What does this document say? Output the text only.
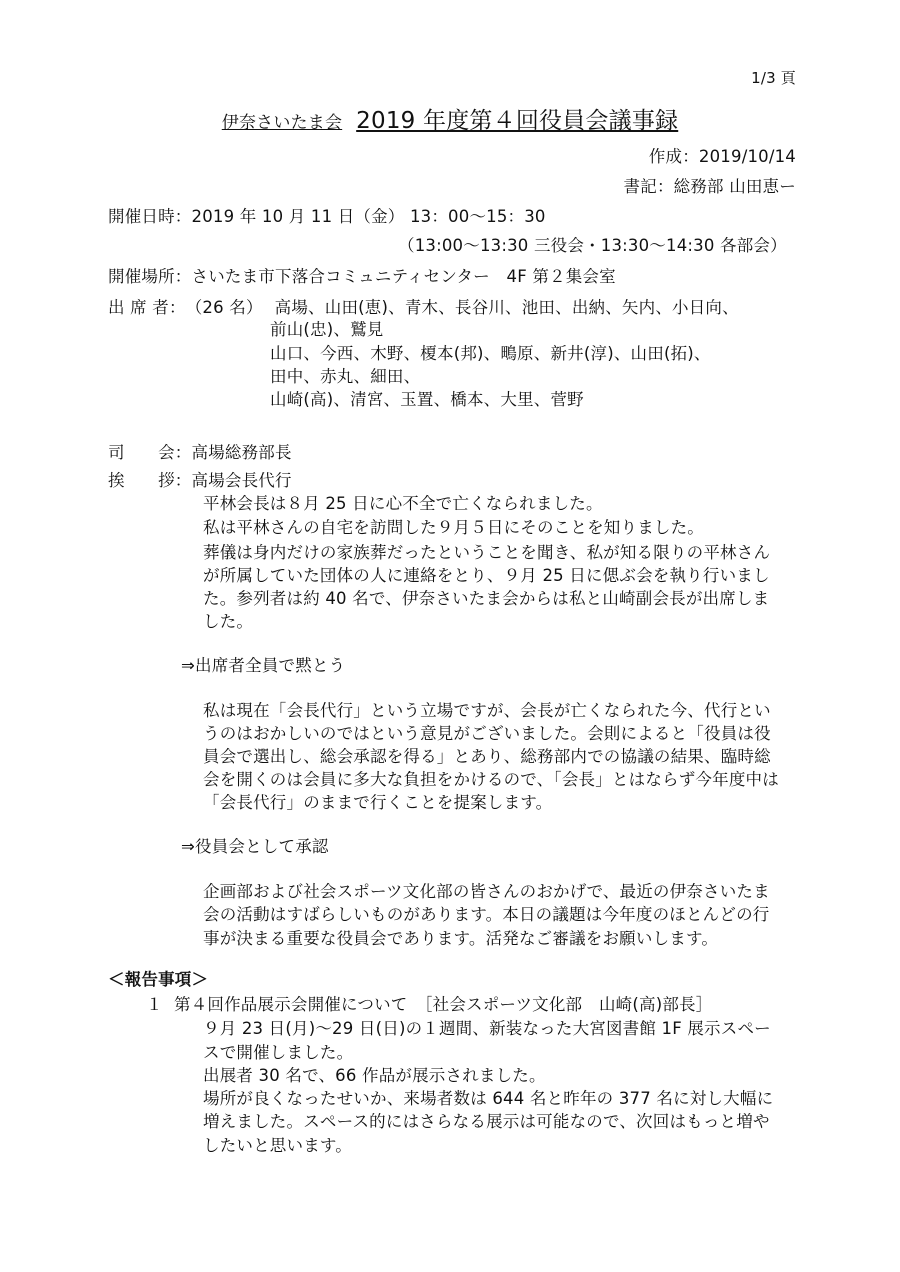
1/3 頁
伊奈さいたま会 2019 年度第４回役員会議事録
作成：2019/10/14
書記：総務部 山田恵ー
開催日時：2019 年 10 月 11 日（金） 13：00～15：30
（13:00～13:30 三役会・13:30～14:30 各部会）
開催場所：さいたま市下落合コミュニティセンター　4F 第２集会室
出 席 者：（26 名） 高場、山田(恵)、青木、長谷川、池田、出納、矢内、小日向、
前山(忠)、鷲見
山口、今西、木野、榎本(邦)、鴫原、新井(淳)、山田(拓)、
田中、赤丸、細田、
山崎(高)、清宮、玉置、橋本、大里、菅野
司　　会：高場総務部長
挨　　拶：高場会長代行
平林会長は８月 25 日に心不全で亡くなられました。
私は平林さんの自宅を訪問した９月５日にそのことを知りました。
葬儀は身内だけの家族葬だったということを聞き、私が知る限りの平林さん
が所属していた団体の人に連絡をとり、９月 25 日に偲ぶ会を執り行いまし
た。参列者は約 40 名で、伊奈さいたま会からは私と山崎副会長が出席しま
した。
⇒出席者全員で黙とう
私は現在「会長代行」という立場ですが、会長が亡くなられた今、代行とい
うのはおかしいのではという意見がございました。会則によると「役員は役
員会で選出し、総会承認を得る」とあり、総務部内での協議の結果、臨時総
会を開くのは会員に多大な負担をかけるので、「会長」とはならず今年度中は
「会長代行」のままで行くことを提案します。
⇒役員会として承認
企画部および社会スポーツ文化部の皆さんのおかげで、最近の伊奈さいたま
会の活動はすばらしいものがあります。本日の議題は今年度のほとんどの行
事が決まる重要な役員会であります。活発なご審議をお願いします。
＜報告事項＞
１ 第４回作品展示会開催について　［社会スポーツ文化部　山崎(高)部長］
９月 23 日(月)～29 日(日)の１週間、新装なった大宮図書館 1F 展示スペー
スで開催しました。
出展者 30 名で、66 作品が展示されました。
場所が良くなったせいか、来場者数は 644 名と昨年の 377 名に対し大幅に
増えました。スペース的にはさらなる展示は可能なので、次回はもっと増や
したいと思います。
